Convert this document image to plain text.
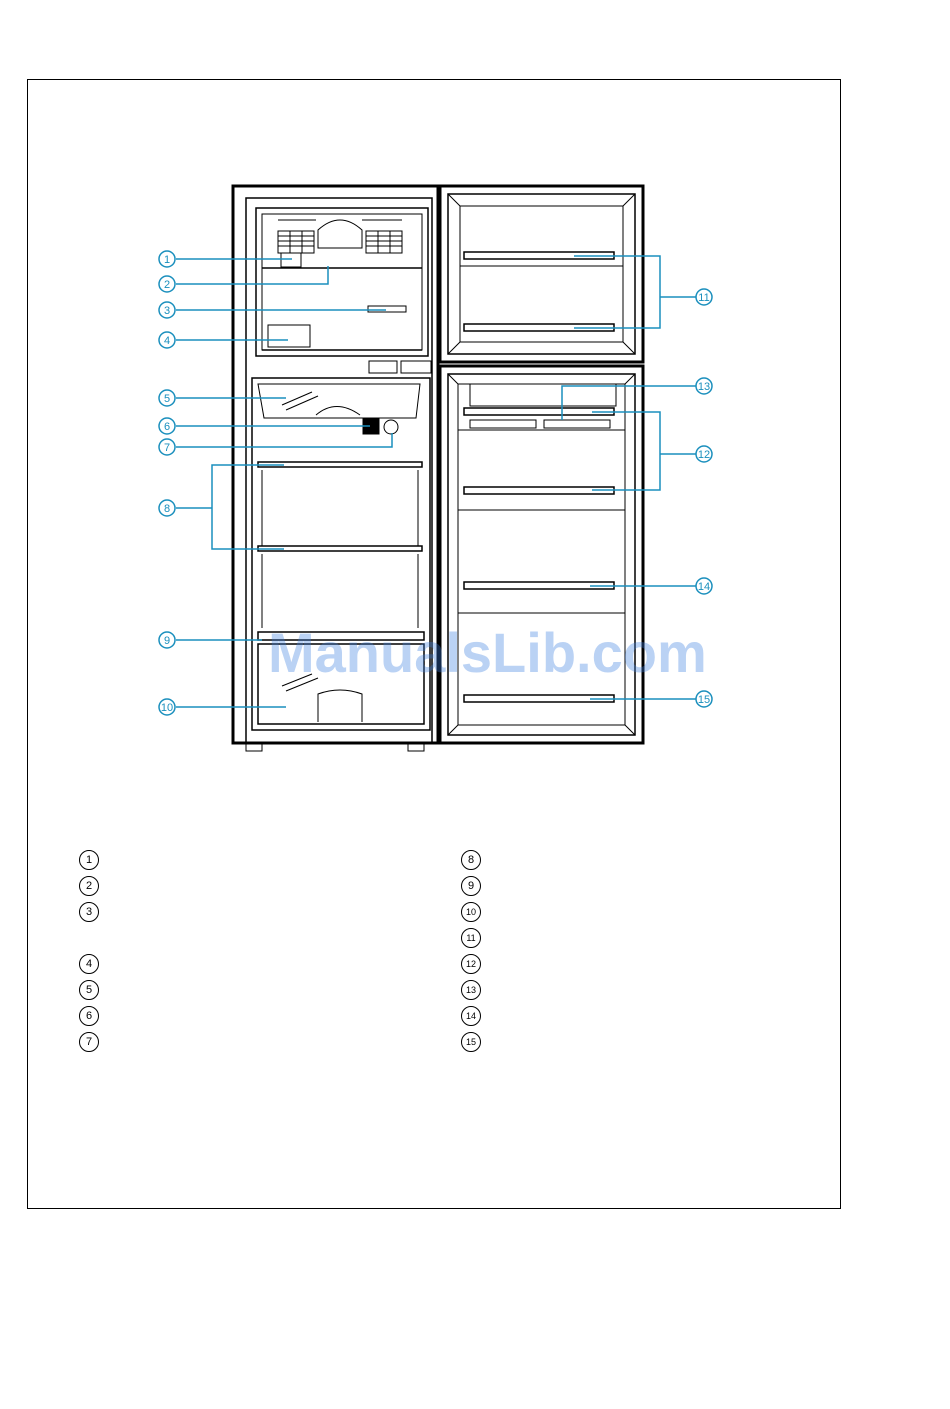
1
2
3
4
5
6
7
8
9
10
11
12
13
14
15
ManualsLib.com
1
2
3
4
5
6
7
8
9
10
11
12
13
14
15
